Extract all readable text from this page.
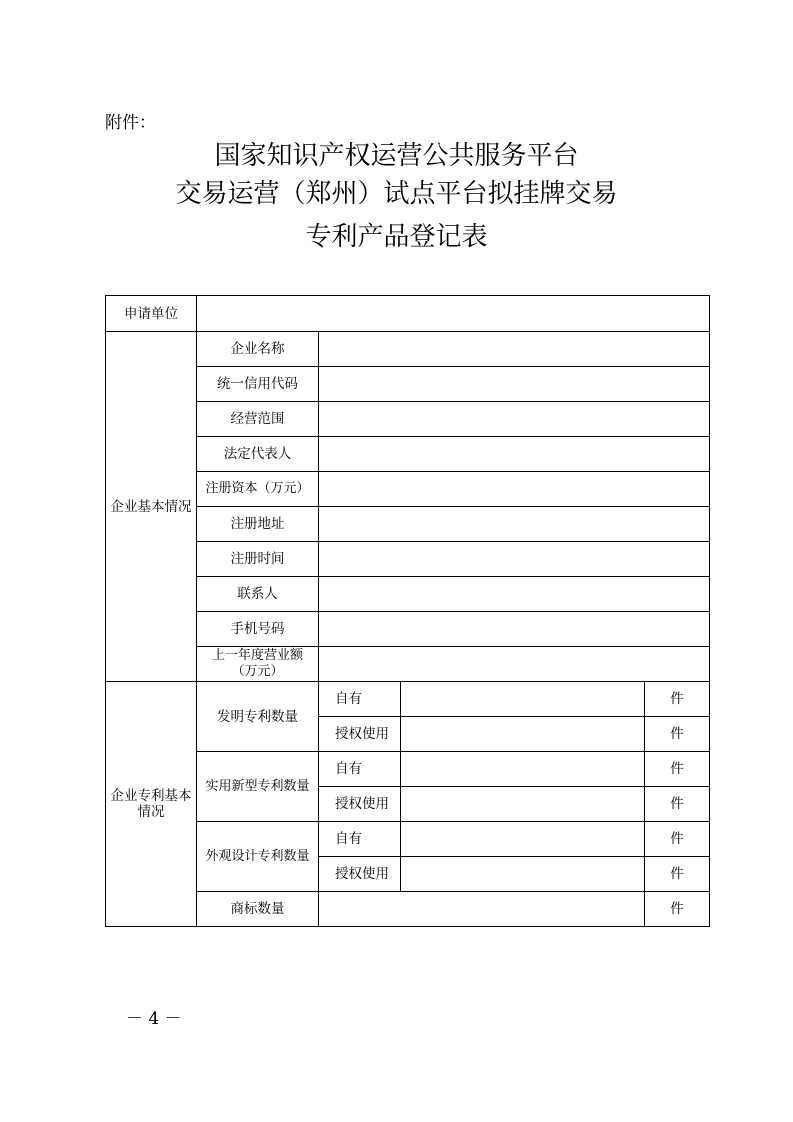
附件：
国家知识产权运营公共服务平台
交易运营（郑州）试点平台拟挂牌交易
专利产品登记表
申请单位				
企业基本情况	企业名称			
	统一信用代码			
	经营范围			
	法定代表人			
	注册资本（万元）			
	注册地址			
	注册时间			
	联系人			
	手机号码			

	上一年度营业额
（万元）			

企业专利基本情况	发明专利数量	自有		件
		授权使用		件
	实用新型专利数量	自有		件
		授权使用		件
	外观设计专利数量	自有		件
		授权使用		件
	商标数量			件
－ 4 －
